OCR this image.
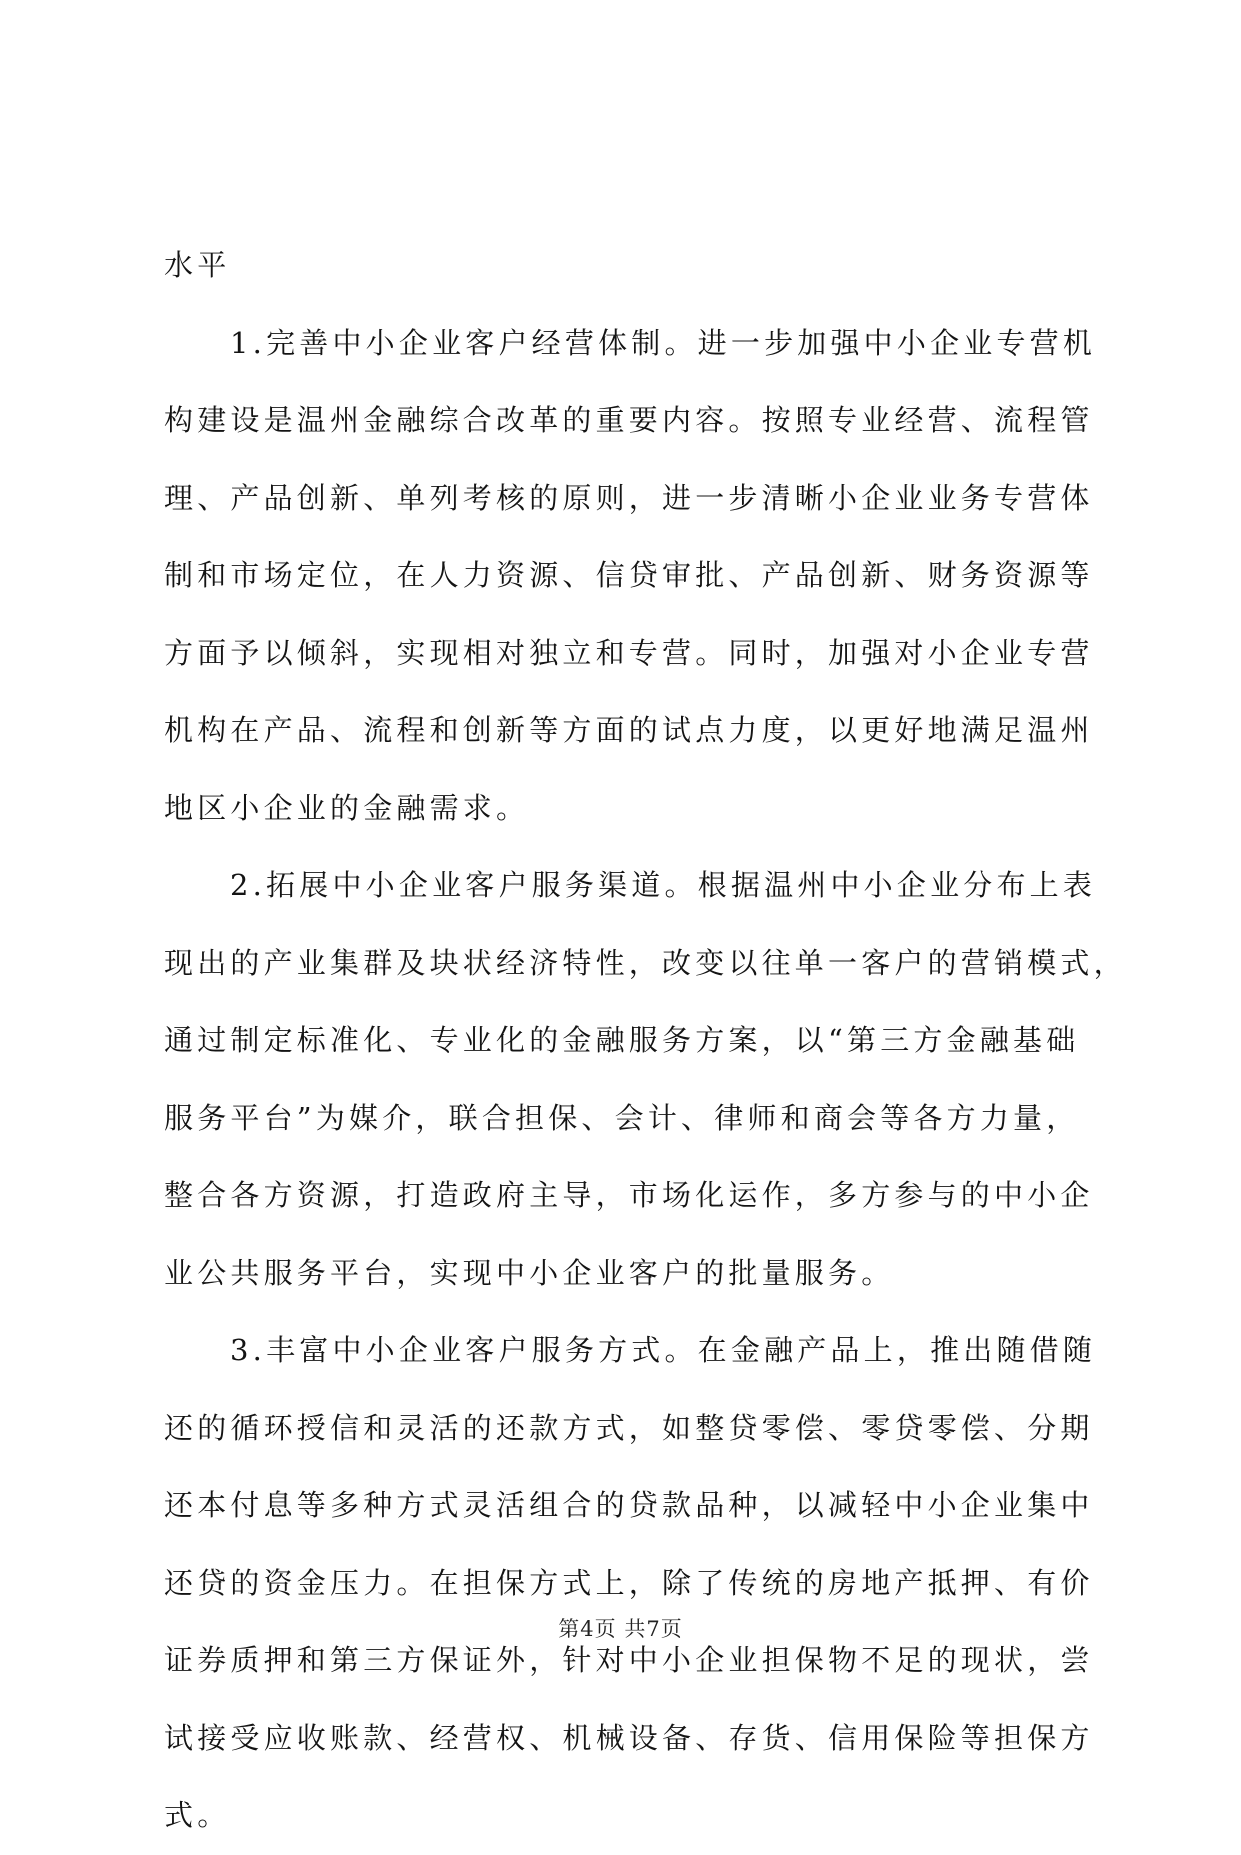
水平
1.完善中小企业客户经营体制。进一步加强中小企业专营机
构建设是温州金融综合改革的重要内容。按照专业经营、流程管
理、产品创新、单列考核的原则，进一步清晰小企业业务专营体
制和市场定位，在人力资源、信贷审批、产品创新、财务资源等
方面予以倾斜，实现相对独立和专营。同时，加强对小企业专营
机构在产品、流程和创新等方面的试点力度，以更好地满足温州
地区小企业的金融需求。
2.拓展中小企业客户服务渠道。根据温州中小企业分布上表
现出的产业集群及块状经济特性，改变以往单一客户的营销模式，
通过制定标准化、专业化的金融服务方案，以“第三方金融基础
服务平台”为媒介，联合担保、会计、律师和商会等各方力量，
整合各方资源，打造政府主导，市场化运作，多方参与的中小企
业公共服务平台，实现中小企业客户的批量服务。
3.丰富中小企业客户服务方式。在金融产品上，推出随借随
还的循环授信和灵活的还款方式，如整贷零偿、零贷零偿、分期
还本付息等多种方式灵活组合的贷款品种，以减轻中小企业集中
还贷的资金压力。在担保方式上，除了传统的房地产抵押、有价
证券质押和第三方保证外，针对中小企业担保物不足的现状，尝
试接受应收账款、经营权、机械设备、存货、信用保险等担保方
式。
第4页 共7页
